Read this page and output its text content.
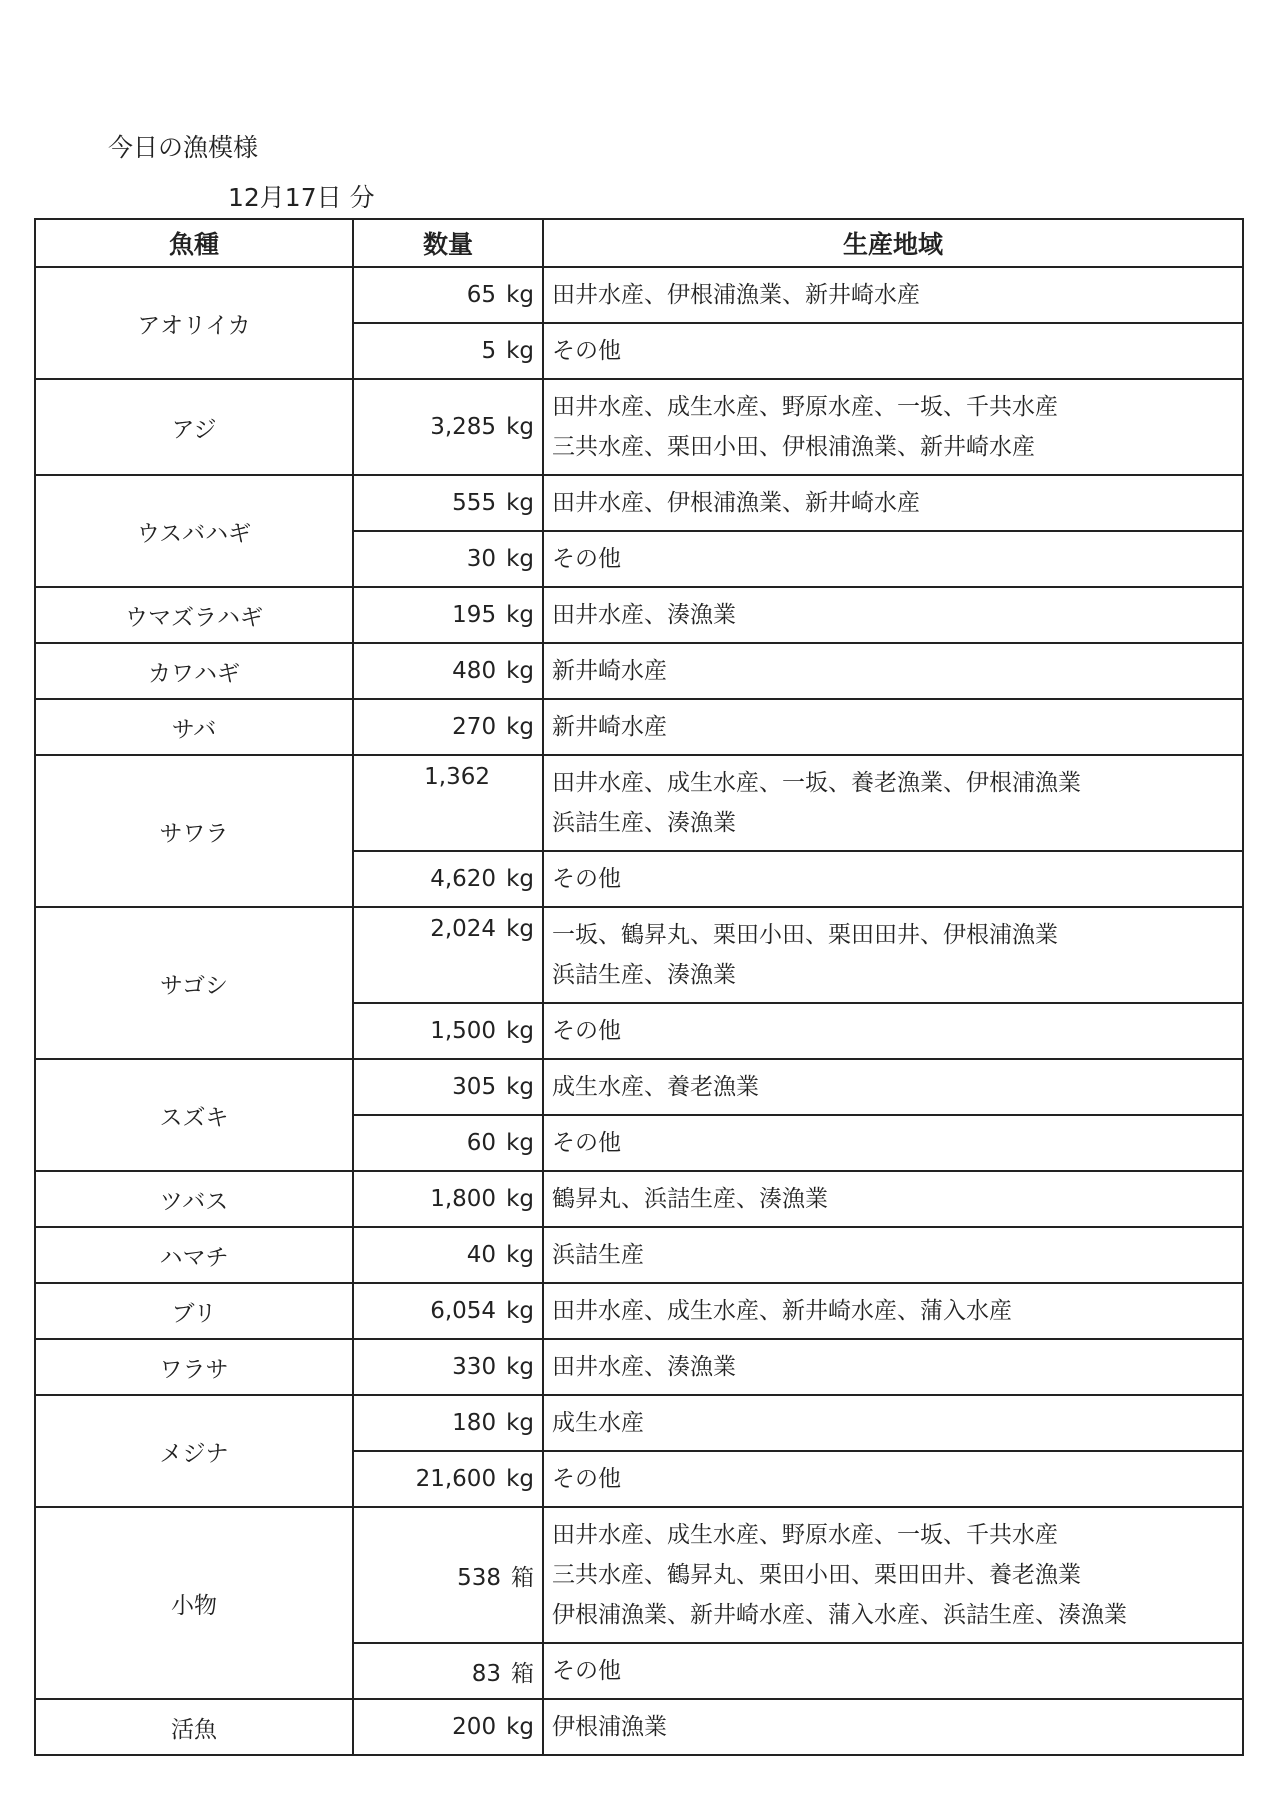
今日の漁模様
12月17日 分
魚種	数量	生産地域
アオリイカ	65 kg	田井水産、伊根浦漁業、新井崎水産

	5 kg	その他

アジ	3,285 kg	田井水産、成生水産、野原水産、一坂、千共水産
三共水産、栗田小田、伊根浦漁業、新井崎水産

ウスバハギ	555 kg	田井水産、伊根浦漁業、新井崎水産

	30 kg	その他

ウマズラハギ	195 kg	田井水産、湊漁業

カワハギ	480 kg	新井崎水産

サバ	270 kg	新井崎水産

サワラ	1,362	田井水産、成生水産、一坂、養老漁業、伊根浦漁業
浜詰生産、湊漁業

	4,620 kg	その他

サゴシ	2,024 kg	一坂、鶴昇丸、栗田小田、栗田田井、伊根浦漁業
浜詰生産、湊漁業

	1,500 kg	その他

スズキ	305 kg	成生水産、養老漁業

	60 kg	その他

ツバス	1,800 kg	鶴昇丸、浜詰生産、湊漁業

ハマチ	40 kg	浜詰生産

ブリ	6,054 kg	田井水産、成生水産、新井崎水産、蒲入水産

ワラサ	330 kg	田井水産、湊漁業

メジナ	180 kg	成生水産

	21,600 kg	その他

小物	538 箱	田井水産、成生水産、野原水産、一坂、千共水産
三共水産、鶴昇丸、栗田小田、栗田田井、養老漁業
伊根浦漁業、新井崎水産、蒲入水産、浜詰生産、湊漁業

	83 箱	その他

活魚	200 kg	伊根浦漁業
